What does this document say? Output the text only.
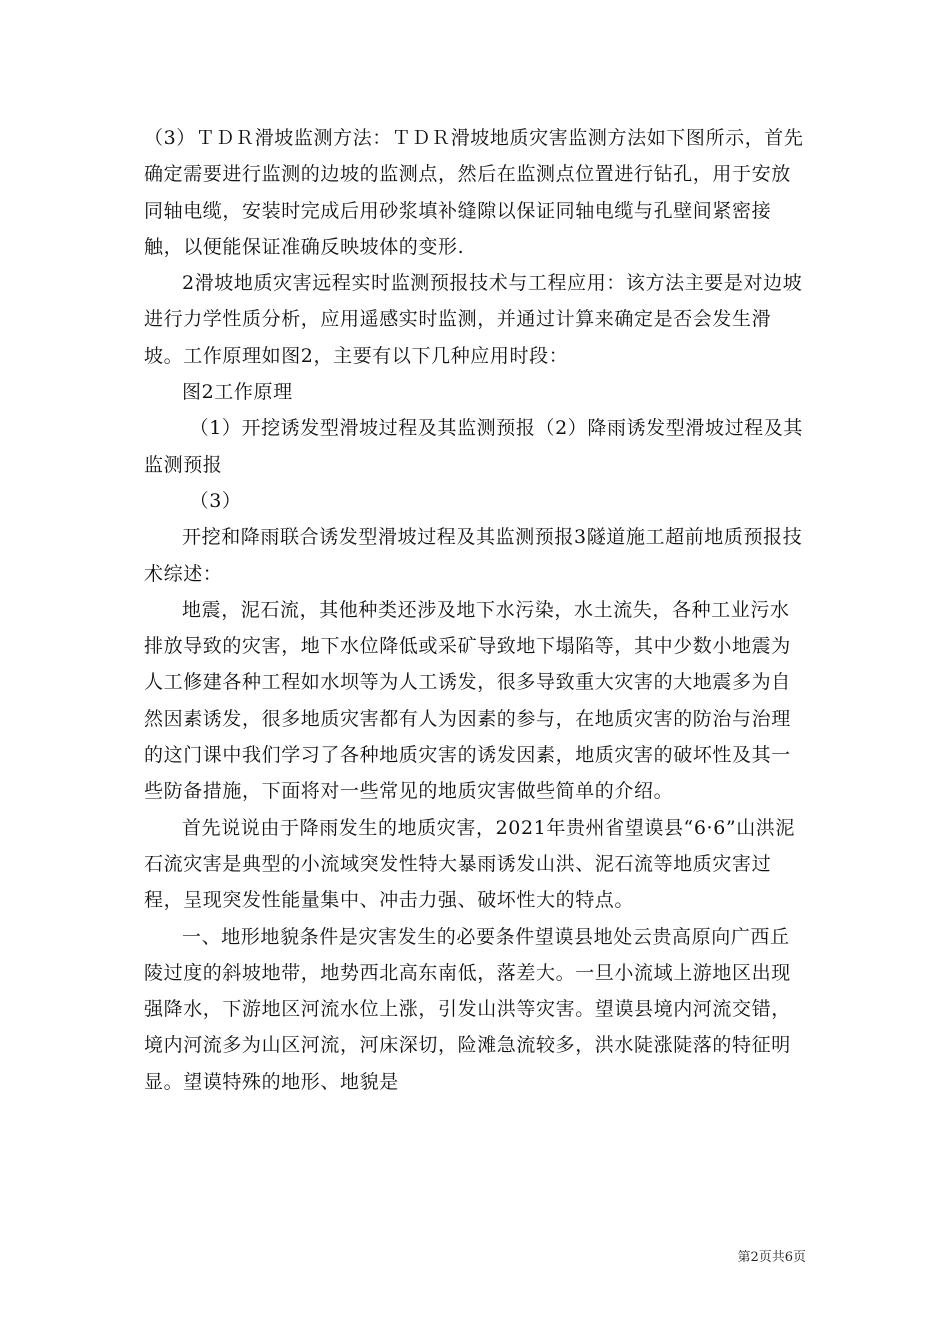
（3）ＴＤＲ滑坡监测方法：ＴＤＲ滑坡地质灾害监测方法如下图所示，首先确定需要进行监测的边坡的监测点，然后在监测点位置进行钻孔，用于安放同轴电缆，安装时完成后用砂浆填补缝隙以保证同轴电缆与孔壁间紧密接触，以便能保证准确反映坡体的变形.

2滑坡地质灾害远程实时监测预报技术与工程应用：该方法主要是对边坡进行力学性质分析，应用遥感实时监测，并通过计算来确定是否会发生滑坡。工作原理如图2，主要有以下几种应用时段：

图2工作原理

（1）开挖诱发型滑坡过程及其监测预报（2）降雨诱发型滑坡过程及其监测预报

（3）

开挖和降雨联合诱发型滑坡过程及其监测预报3隧道施工超前地质预报技术综述：

地震，泥石流，其他种类还涉及地下水污染，水土流失，各种工业污水排放导致的灾害，地下水位降低或采矿导致地下塌陷等，其中少数小地震为人工修建各种工程如水坝等为人工诱发，很多导致重大灾害的大地震多为自然因素诱发，很多地质灾害都有人为因素的参与，在地质灾害的防治与治理的这门课中我们学习了各种地质灾害的诱发因素，地质灾害的破坏性及其一些防备措施，下面将对一些常见的地质灾害做些简单的介绍。

首先说说由于降雨发生的地质灾害，2021年贵州省望谟县“6·6”山洪泥石流灾害是典型的小流域突发性特大暴雨诱发山洪、泥石流等地质灾害过程，呈现突发性能量集中、冲击力强、破坏性大的特点。

一、地形地貌条件是灾害发生的必要条件望谟县地处云贵高原向广西丘陵过度的斜坡地带，地势西北高东南低，落差大。一旦小流域上游地区出现强降水，下游地区河流水位上涨，引发山洪等灾害。望谟县境内河流交错，境内河流多为山区河流，河床深切，险滩急流较多，洪水陡涨陡落的特征明显。望谟特殊的地形、地貌是

第2页共6页
